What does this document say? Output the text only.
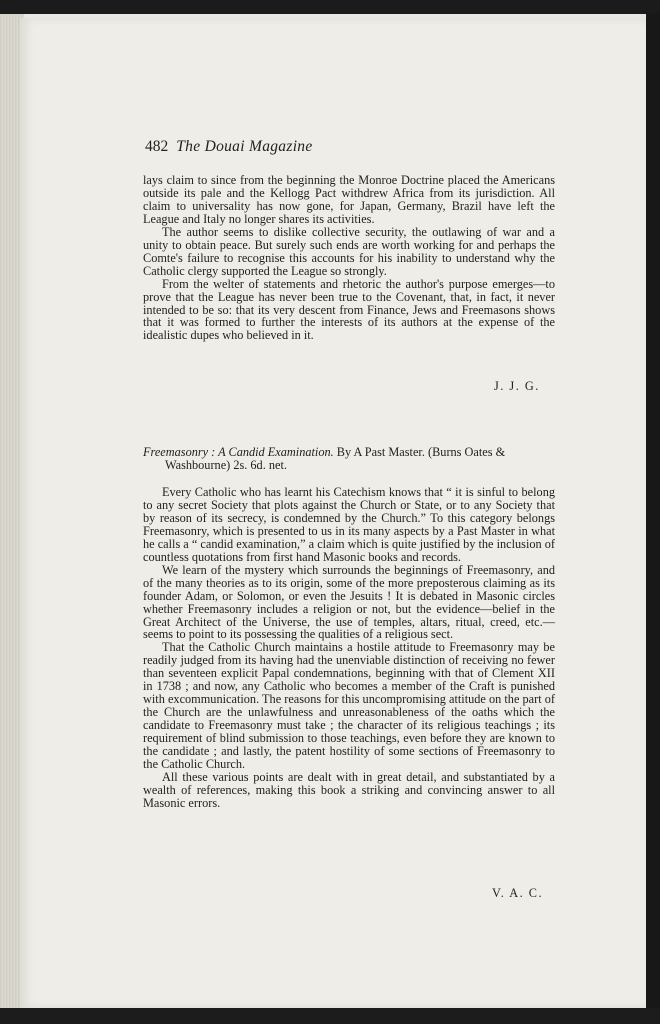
482 The Douai Magazine

lays claim to since from the beginning the Monroe Doctrine placed the Americans outside its pale and the Kellogg Pact withdrew Africa from its jurisdiction. All claim to universality has now gone, for Japan, Germany, Brazil have left the League and Italy no longer shares its activities.

The author seems to dislike collective security, the outlawing of war and a unity to obtain peace. But surely such ends are worth working for and perhaps the Comte's failure to recognise this accounts for his inability to understand why the Catholic clergy supported the League so strongly.

From the welter of statements and rhetoric the author's purpose emerges—to prove that the League has never been true to the Covenant, that, in fact, it never intended to be so: that its very descent from Finance, Jews and Freemasons shows that it was formed to further the interests of its authors at the expense of the idealistic dupes who believed in it.

J. J. G.
Freemasonry : A Candid Examination. By A Past Master. (Burns Oates & Washbourne) 2s. 6d. net.

Every Catholic who has learnt his Catechism knows that “ it is sinful to belong to any secret Society that plots against the Church or State, or to any Society that by reason of its secrecy, is condemned by the Church.” To this category belongs Freemasonry, which is presented to us in its many aspects by a Past Master in what he calls a “ candid examination,” a claim which is quite justified by the inclusion of countless quotations from first hand Masonic books and records.

We learn of the mystery which surrounds the beginnings of Freemasonry, and of the many theories as to its origin, some of the more preposterous claiming as its founder Adam, or Solomon, or even the Jesuits ! It is debated in Masonic circles whether Freemasonry includes a religion or not, but the evidence—belief in the Great Architect of the Universe, the use of temples, altars, ritual, creed, etc.—seems to point to its possessing the qualities of a religious sect.

That the Catholic Church maintains a hostile attitude to Freemasonry may be readily judged from its having had the unenviable distinction of receiving no fewer than seventeen explicit Papal condemnations, beginning with that of Clement XII in 1738 ; and now, any Catholic who becomes a member of the Craft is punished with excommunication. The reasons for this uncompromising attitude on the part of the Church are the unlawfulness and unreasonableness of the oaths which the candidate to Freemasonry must take ; the character of its religious teachings ; its requirement of blind submission to those teachings, even before they are known to the candidate ; and lastly, the patent hostility of some sections of Freemasonry to the Catholic Church.

All these various points are dealt with in great detail, and substantiated by a wealth of references, making this book a striking and convincing answer to all Masonic errors.

V. A. C.
